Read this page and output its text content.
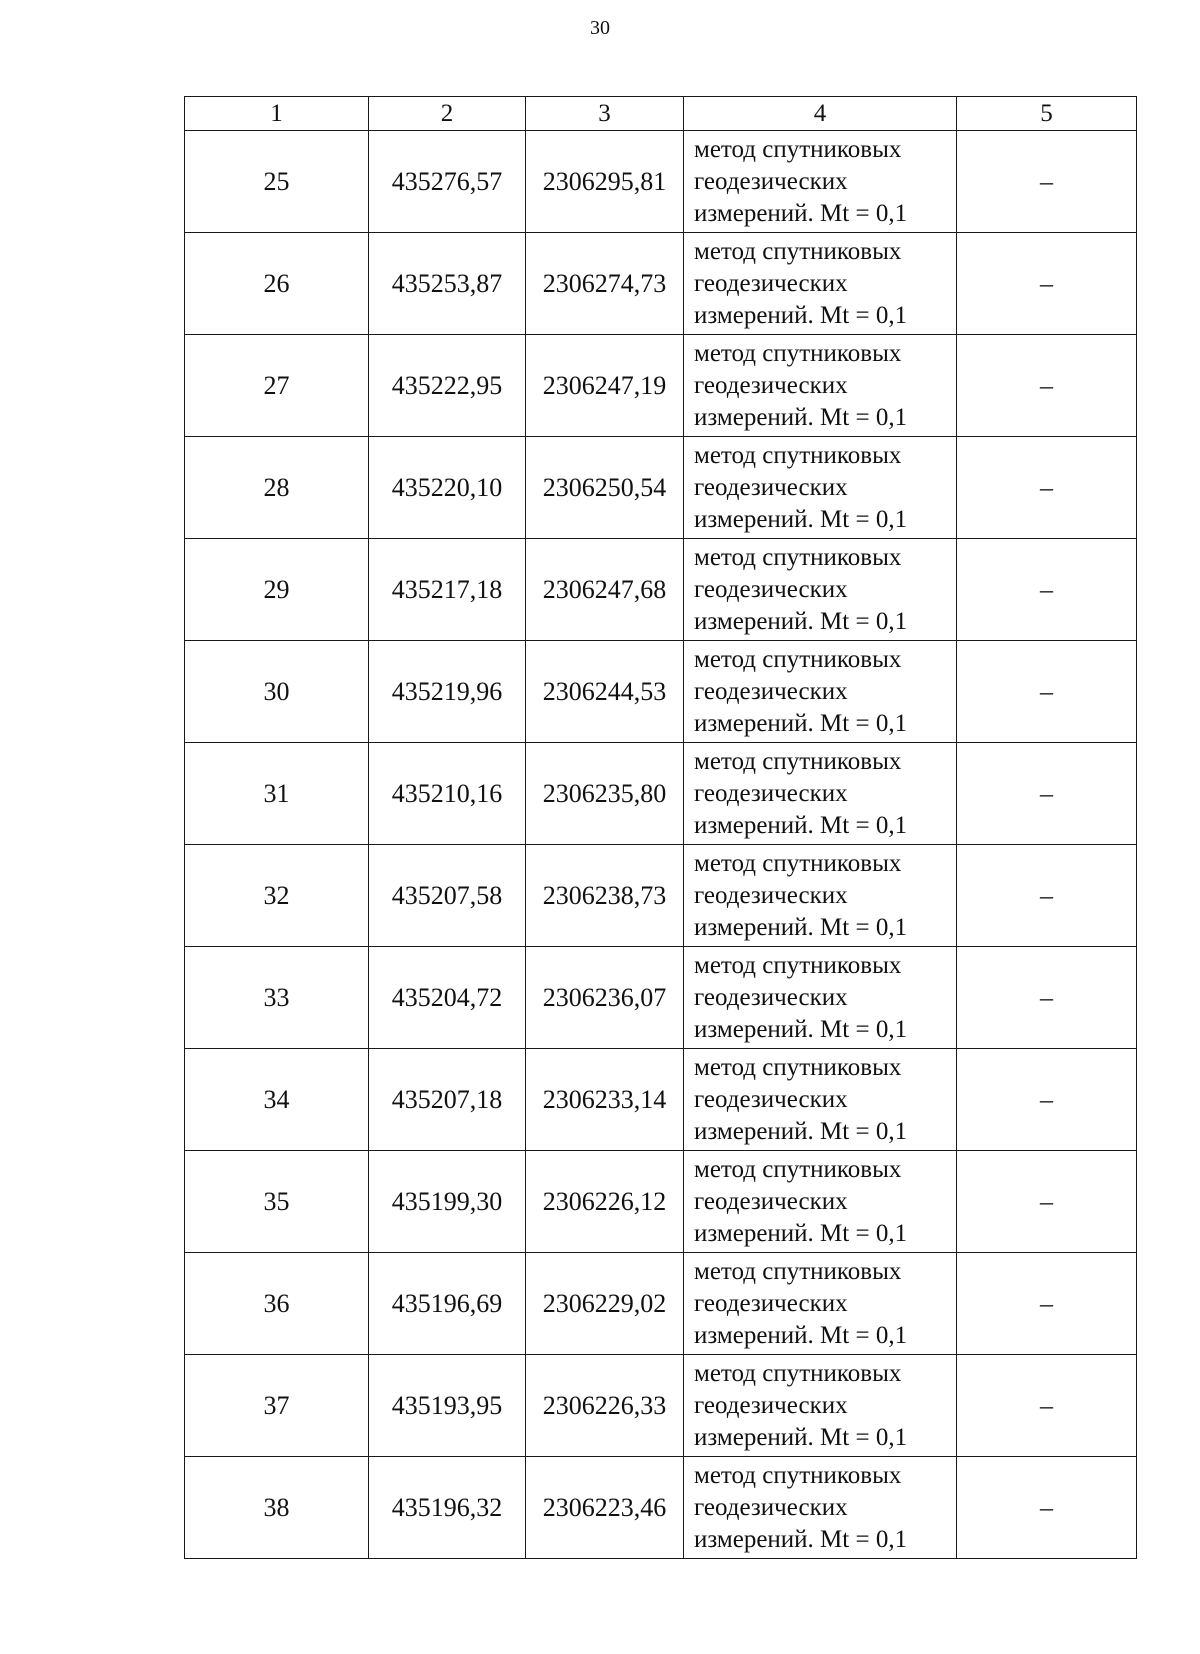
30
1	2	3	4	5
25	435276,57	2306295,81	метод спутниковых
геодезических
измерений. Mt = 0,1	–
26	435253,87	2306274,73	метод спутниковых
геодезических
измерений. Mt = 0,1	–
27	435222,95	2306247,19	метод спутниковых
геодезических
измерений. Mt = 0,1	–
28	435220,10	2306250,54	метод спутниковых
геодезических
измерений. Mt = 0,1	–
29	435217,18	2306247,68	метод спутниковых
геодезических
измерений. Mt = 0,1	–
30	435219,96	2306244,53	метод спутниковых
геодезических
измерений. Mt = 0,1	–
31	435210,16	2306235,80	метод спутниковых
геодезических
измерений. Mt = 0,1	–
32	435207,58	2306238,73	метод спутниковых
геодезических
измерений. Mt = 0,1	–
33	435204,72	2306236,07	метод спутниковых
геодезических
измерений. Mt = 0,1	–
34	435207,18	2306233,14	метод спутниковых
геодезических
измерений. Mt = 0,1	–
35	435199,30	2306226,12	метод спутниковых
геодезических
измерений. Mt = 0,1	–
36	435196,69	2306229,02	метод спутниковых
геодезических
измерений. Mt = 0,1	–
37	435193,95	2306226,33	метод спутниковых
геодезических
измерений. Mt = 0,1	–
38	435196,32	2306223,46	метод спутниковых
геодезических
измерений. Mt = 0,1	–
